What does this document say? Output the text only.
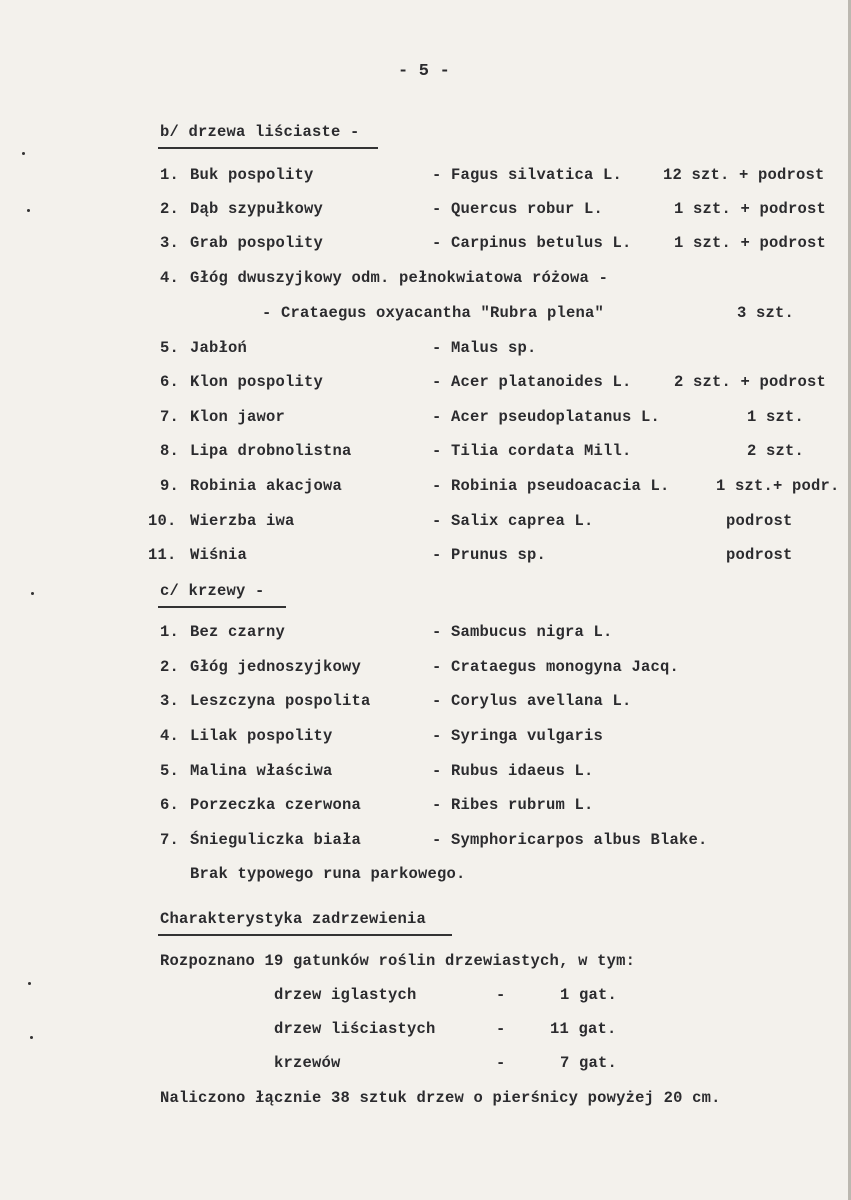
- 5 -
b/ drzewa liściaste -
1. Buk pospolity	- Fagus silvatica L.	12 szt. + podrost
2. Dąb szypułkowy	- Quercus robur L.	1 szt. + podrost
3. Grab pospolity	- Carpinus betulus L.	1 szt. + podrost
4. Głóg dwuszyjkowy odm. pełnokwiatowa różowa -
- Crataegus oxyacantha "Rubra plena"	3 szt.
5. Jabłoń	- Malus sp.
6. Klon pospolity	- Acer platanoides L.	2 szt. + podrost
7. Klon jawor	- Acer pseudoplatanus L.	1 szt.
8. Lipa drobnolistna	- Tilia cordata Mill.	2 szt.
9. Robinia akacjowa	- Robinia pseudoacacia L.	1 szt.+ podr.
10. Wierzba iwa	- Salix caprea L.	podrost
11. Wiśnia	- Prunus sp.	podrost
c/ krzewy -
1. Bez czarny	- Sambucus nigra L.
2. Głóg jednoszyjkowy	- Crataegus monogyna Jacq.
3. Leszczyna pospolita	- Corylus avellana L.
4. Lilak pospolity	- Syringa vulgaris
5. Malina właściwa	- Rubus idaeus L.
6. Porzeczka czerwona	- Ribes rubrum L.
7. Śnieguliczka biała	- Symphoricarpos albus Blake.
Brak typowego runa parkowego.
Charakterystyka zadrzewienia
Rozpoznano 19 gatunków roślin drzewiastych, w tym:
drzew iglastych	-	1 gat.
drzew liściastych	-	11 gat.
krzewów	-	7 gat.
Naliczono łącznie 38 sztuk drzew o pierśnicy powyżej 20 cm.
